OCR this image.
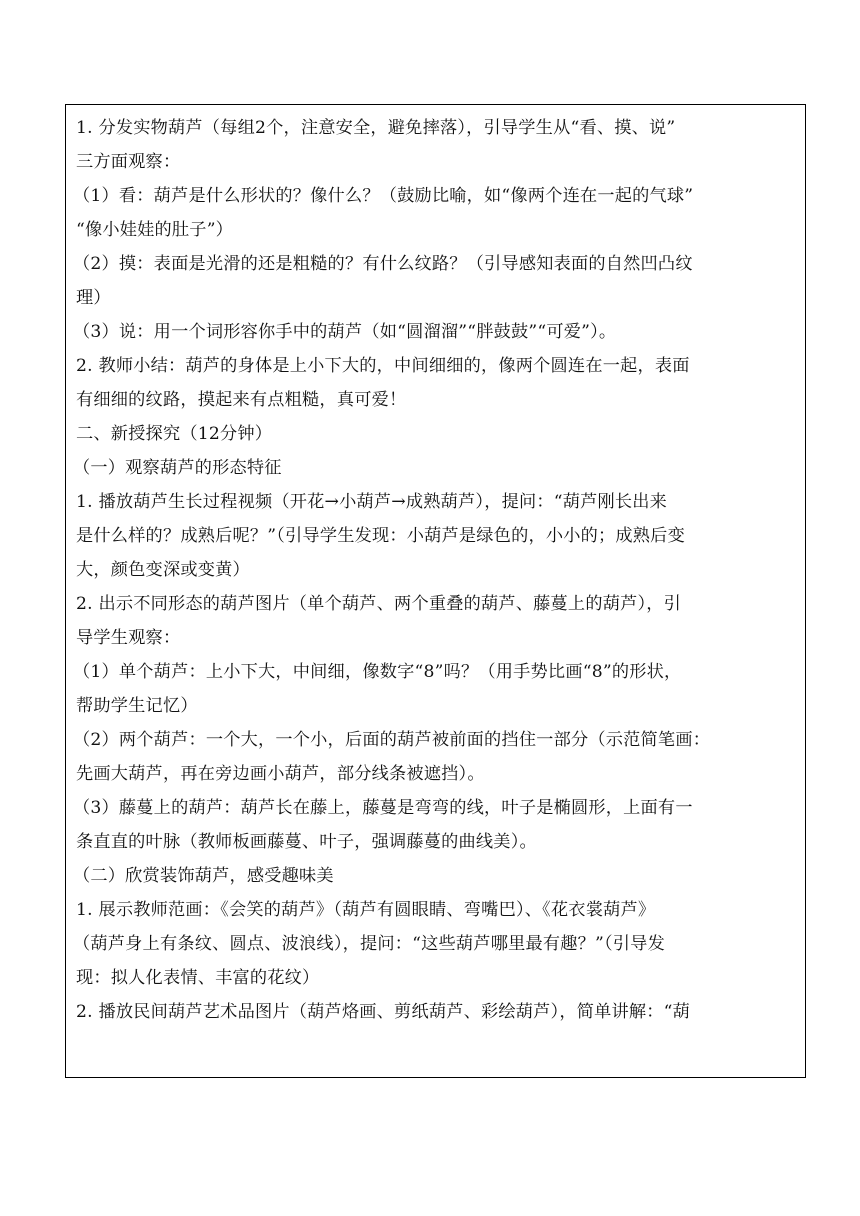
1. 分发实物葫芦（每组2个，注意安全，避免摔落），引导学生从“看、摸、说”
三方面观察：
（1）看：葫芦是什么形状的？像什么？（鼓励比喻，如“像两个连在一起的气球”
“像小娃娃的肚子”）
（2）摸：表面是光滑的还是粗糙的？有什么纹路？（引导感知表面的自然凹凸纹
理）
（3）说：用一个词形容你手中的葫芦（如“圆溜溜”“胖鼓鼓”“可爱”）。
2. 教师小结：葫芦的身体是上小下大的，中间细细的，像两个圆连在一起，表面
有细细的纹路，摸起来有点粗糙，真可爱！
二、新授探究（12分钟）
（一）观察葫芦的形态特征
1. 播放葫芦生长过程视频（开花→小葫芦→成熟葫芦），提问：“葫芦刚长出来
是什么样的？成熟后呢？”（引导学生发现：小葫芦是绿色的，小小的；成熟后变
大，颜色变深或变黄）
2. 出示不同形态的葫芦图片（单个葫芦、两个重叠的葫芦、藤蔓上的葫芦），引
导学生观察：
（1）单个葫芦：上小下大，中间细，像数字“8”吗？（用手势比画“8”的形状，
帮助学生记忆）
（2）两个葫芦：一个大，一个小，后面的葫芦被前面的挡住一部分（示范简笔画：
先画大葫芦，再在旁边画小葫芦，部分线条被遮挡）。
（3）藤蔓上的葫芦：葫芦长在藤上，藤蔓是弯弯的线，叶子是椭圆形，上面有一
条直直的叶脉（教师板画藤蔓、叶子，强调藤蔓的曲线美）。
（二）欣赏装饰葫芦，感受趣味美
1. 展示教师范画：《会笑的葫芦》（葫芦有圆眼睛、弯嘴巴）、《花衣裳葫芦》
（葫芦身上有条纹、圆点、波浪线），提问：“这些葫芦哪里最有趣？”（引导发
现：拟人化表情、丰富的花纹）
2. 播放民间葫芦艺术品图片（葫芦烙画、剪纸葫芦、彩绘葫芦），简单讲解：“葫
